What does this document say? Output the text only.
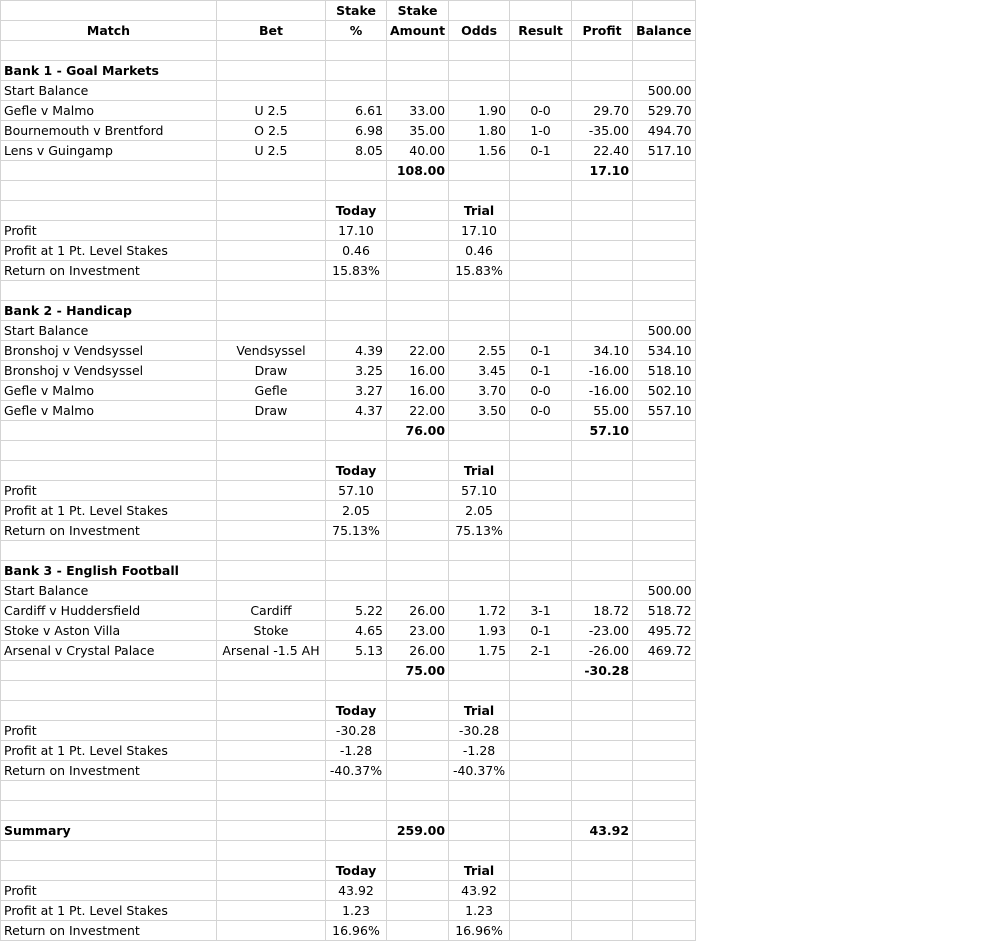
		Stake	Stake				
Match	Bet	%	Amount	Odds	Result	Profit	Balance

Bank 1 - Goal Markets							
Start Balance							500.00
Gefle v Malmo	U 2.5	6.61	33.00	1.90	0-0	29.70	529.70
Bournemouth v Brentford	O 2.5	6.98	35.00	1.80	1-0	-35.00	494.70
Lens v Guingamp	U 2.5	8.05	40.00	1.56	0-1	22.40	517.10
			108.00			17.10	

		Today		Trial			
Profit		17.10		17.10			
Profit at 1 Pt. Level Stakes		0.46		0.46			
Return on Investment		15.83%		15.83%			

Bank 2 - Handicap							
Start Balance							500.00
Bronshoj v Vendsyssel	Vendsyssel	4.39	22.00	2.55	0-1	34.10	534.10
Bronshoj v Vendsyssel	Draw	3.25	16.00	3.45	0-1	-16.00	518.10
Gefle v Malmo	Gefle	3.27	16.00	3.70	0-0	-16.00	502.10
Gefle v Malmo	Draw	4.37	22.00	3.50	0-0	55.00	557.10
			76.00			57.10	

		Today		Trial			
Profit		57.10		57.10			
Profit at 1 Pt. Level Stakes		2.05		2.05			
Return on Investment		75.13%		75.13%			

Bank 3 - English Football							
Start Balance							500.00
Cardiff v Huddersfield	Cardiff	5.22	26.00	1.72	3-1	18.72	518.72
Stoke v Aston Villa	Stoke	4.65	23.00	1.93	0-1	-23.00	495.72
Arsenal v Crystal Palace	Arsenal -1.5 AH	5.13	26.00	1.75	2-1	-26.00	469.72
			75.00			-30.28	

		Today		Trial			
Profit		-30.28		-30.28			
Profit at 1 Pt. Level Stakes		-1.28		-1.28			
Return on Investment		-40.37%		-40.37%			

Summary			259.00			43.92	

		Today		Trial			
Profit		43.92		43.92			
Profit at 1 Pt. Level Stakes		1.23		1.23			
Return on Investment		16.96%		16.96%			
